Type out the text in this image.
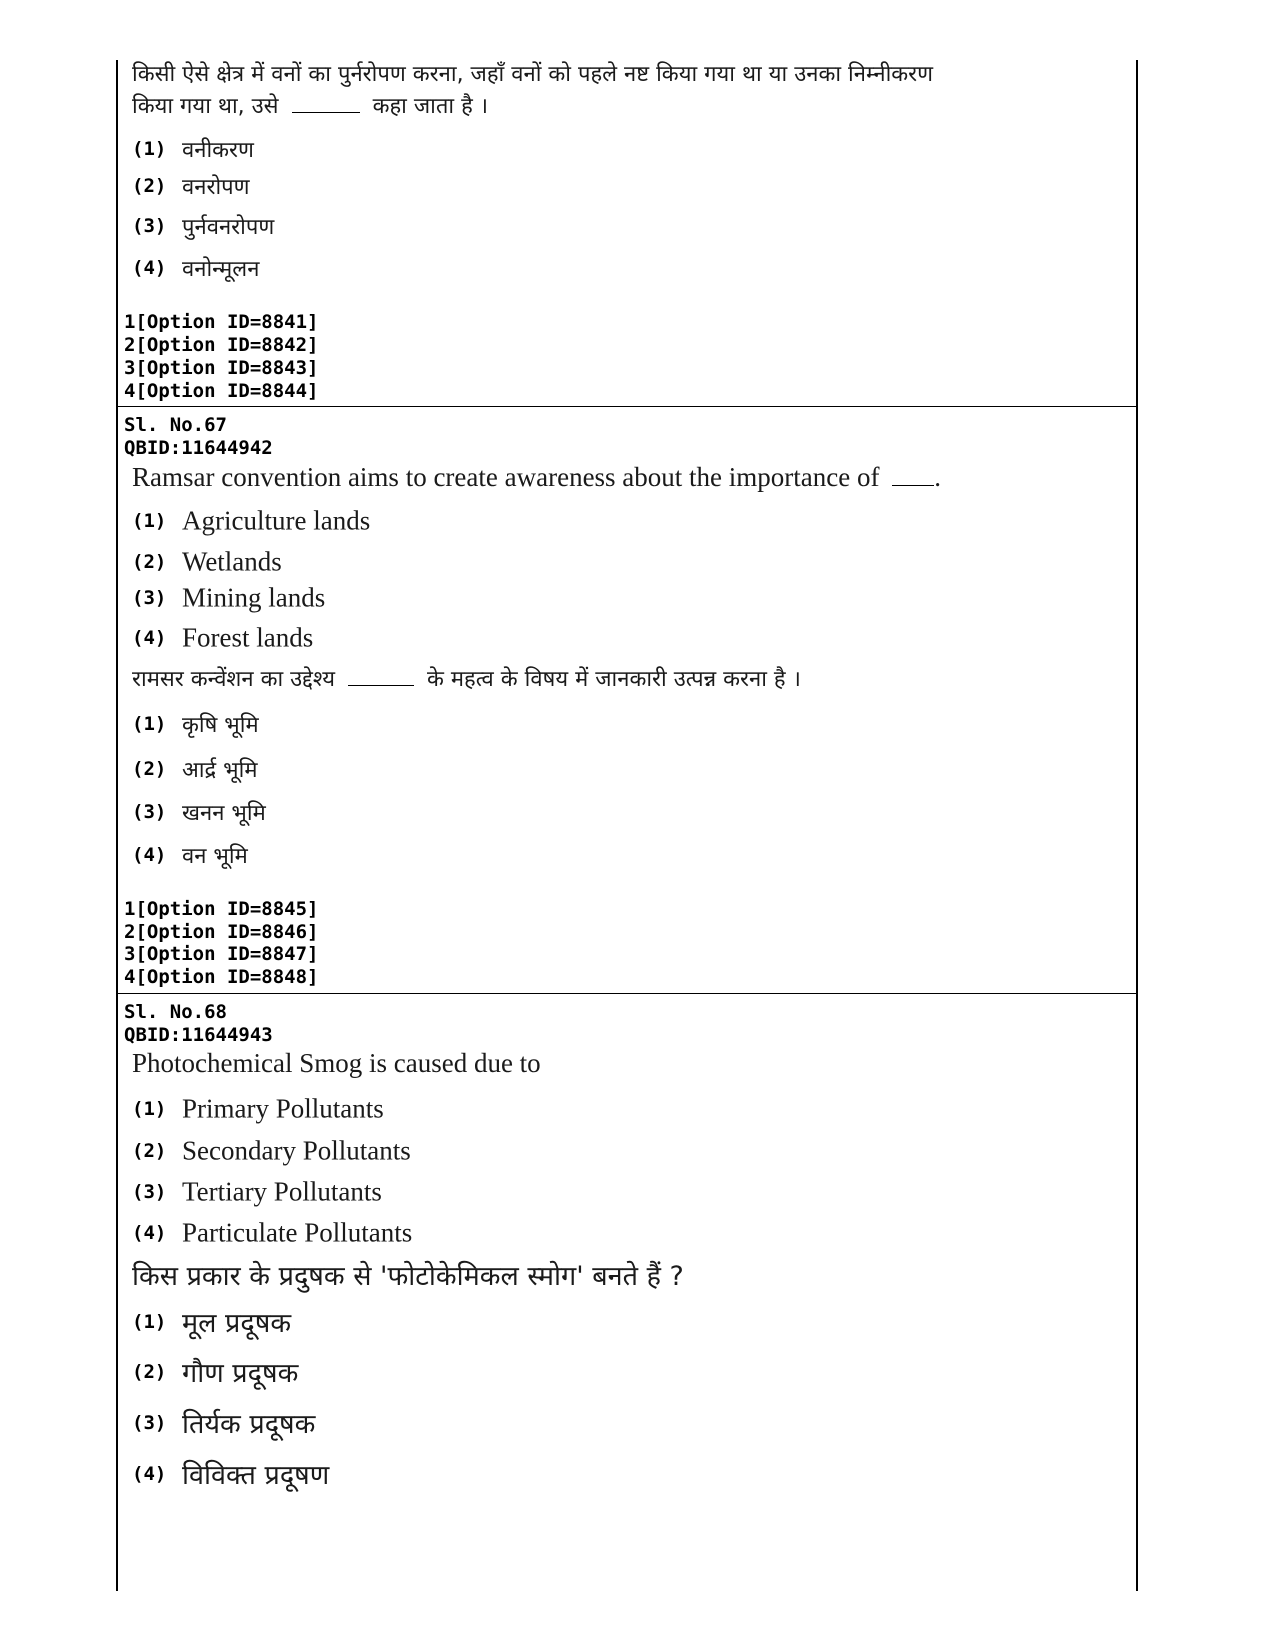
किसी ऐसे क्षेत्र में वनों का पुर्नरोपण करना, जहाँ वनों को पहले नष्ट किया गया था या उनका निम्नीकरण
किया गया था, उसे	कहा जाता है ।
(1) वनीकरण
(2) वनरोपण
(3) पुर्नवनरोपण
(4) वनोन्मूलन
1[Option ID=8841]
2[Option ID=8842]
3[Option ID=8843]
4[Option ID=8844]
Sl. No.67
QBID:11644942
Ramsar convention aims to create awareness about the importance of .
(1) Agriculture lands
(2) Wetlands
(3) Mining lands
(4) Forest lands
रामसर कन्वेंशन का उद्देश्य	के महत्व के विषय में जानकारी उत्पन्न करना है ।
(1) कृषि भूमि
(2) आर्द्र भूमि
(3) खनन भूमि
(4) वन भूमि
1[Option ID=8845]
2[Option ID=8846]
3[Option ID=8847]
4[Option ID=8848]
Sl. No.68
QBID:11644943
Photochemical Smog is caused due to
(1) Primary Pollutants
(2) Secondary Pollutants
(3) Tertiary Pollutants
(4) Particulate Pollutants
किस प्रकार के प्रदुषक से 'फोटोकेमिकल स्मोग' बनते हैं ?
(1) मूल प्रदूषक
(2) गौण प्रदूषक
(3) तिर्यक प्रदूषक
(4) विविक्त प्रदूषण
